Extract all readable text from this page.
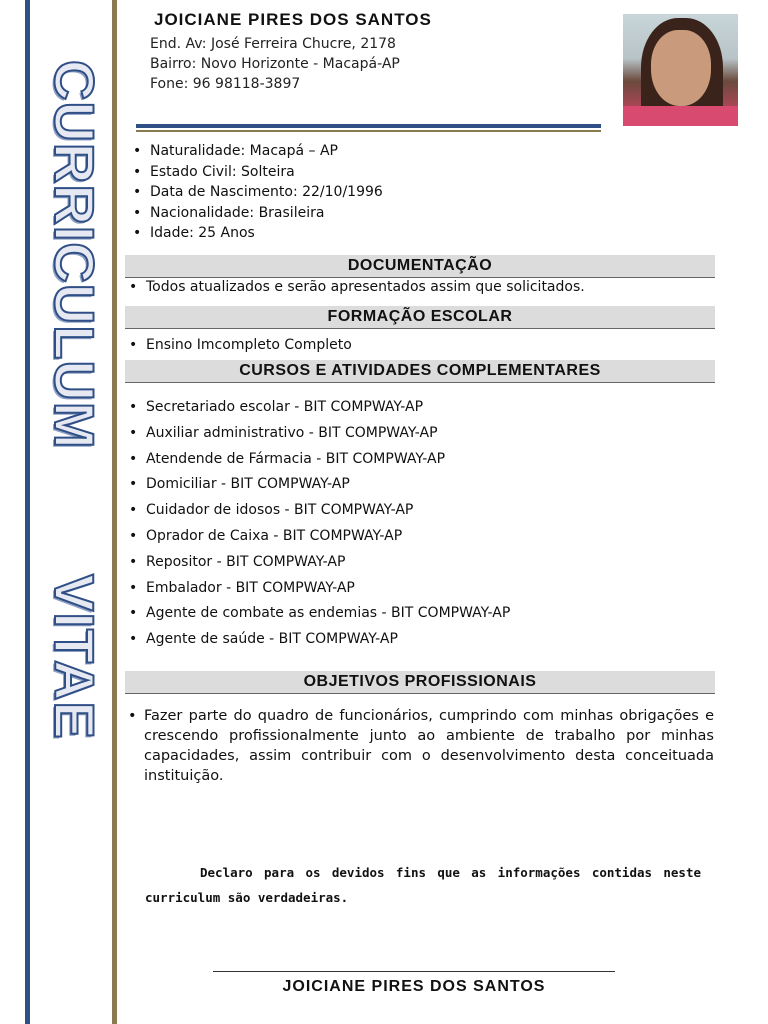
CURRICULUM
VITAE
JOICIANE PIRES DOS SANTOS
End. Av: José Ferreira Chucre, 2178
Bairro: Novo Horizonte - Macapá-AP
Fone: 96 98118-3897
• Naturalidade: Macapá – AP
• Estado Civil: Solteira
• Data de Nascimento: 22/10/1996
• Nacionalidade: Brasileira
• Idade: 25 Anos
DOCUMENTAÇÃO
• Todos atualizados e serão apresentados assim que solicitados.
FORMAÇÃO ESCOLAR
• Ensino Imcompleto Completo
CURSOS E ATIVIDADES COMPLEMENTARES
• Secretariado escolar - BIT COMPWAY-AP
• Auxiliar administrativo - BIT COMPWAY-AP
• Atendende de Fármacia - BIT COMPWAY-AP
• Domiciliar - BIT COMPWAY-AP
• Cuidador de idosos - BIT COMPWAY-AP
• Oprador de Caixa - BIT COMPWAY-AP
• Repositor - BIT COMPWAY-AP
• Embalador - BIT COMPWAY-AP
• Agente de combate as endemias - BIT COMPWAY-AP
• Agente de saúde - BIT COMPWAY-AP
OBJETIVOS PROFISSIONAIS

• Fazer parte do quadro de funcionários, cumprindo com minhas obrigações e crescendo profissionalmente junto ao ambiente de trabalho por minhas capacidades, assim contribuir com o desenvolvimento desta conceituada instituição.

Declaro para os devidos fins que as informações contidas neste curriculum são verdadeiras.
JOICIANE PIRES DOS SANTOS
